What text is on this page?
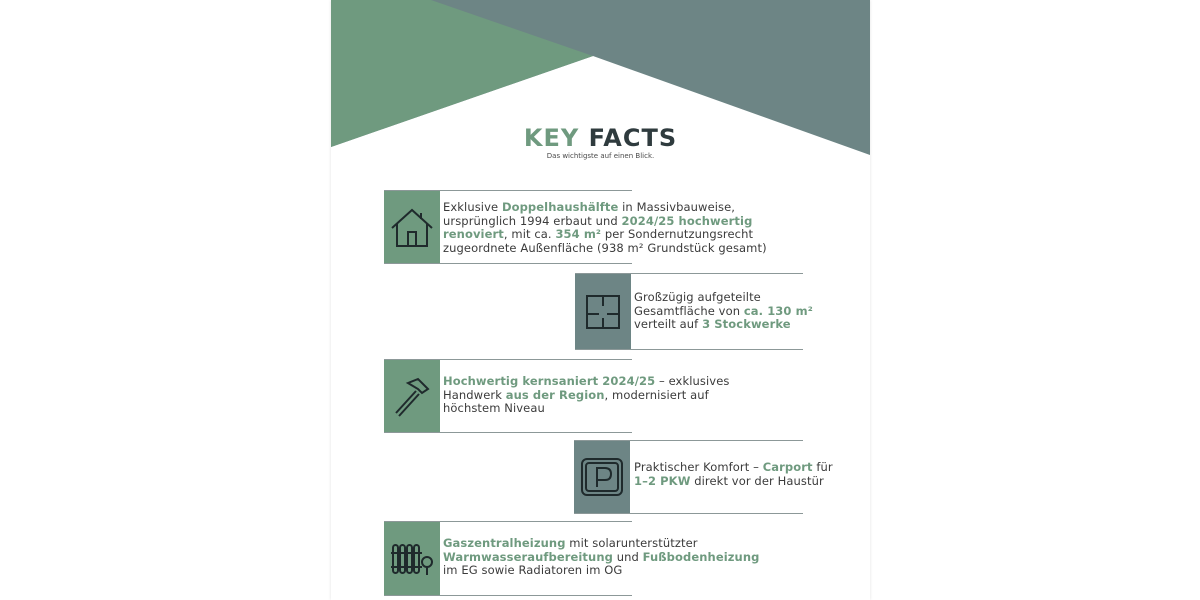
KEY FACTS
Das wichtigste auf einen Blick.
Exklusive Doppelhaushälfte in Massivbauweise,
ursprünglich 1994 erbaut und 2024/25 hochwertig
renoviert, mit ca. 354 m² per Sondernutzungsrecht
zugeordnete Außenfläche (938 m² Grundstück gesamt)
Großzügig aufgeteilte
Gesamtfläche von ca. 130 m²
verteilt auf 3 Stockwerke
Hochwertig kernsaniert 2024/25 – exklusives
Handwerk aus der Region, modernisiert auf
höchstem Niveau
Praktischer Komfort – Carport für
1–2 PKW direkt vor der Haustür
Gaszentralheizung mit solarunterstützter
Warmwasseraufbereitung und Fußbodenheizung
im EG sowie Radiatoren im OG
